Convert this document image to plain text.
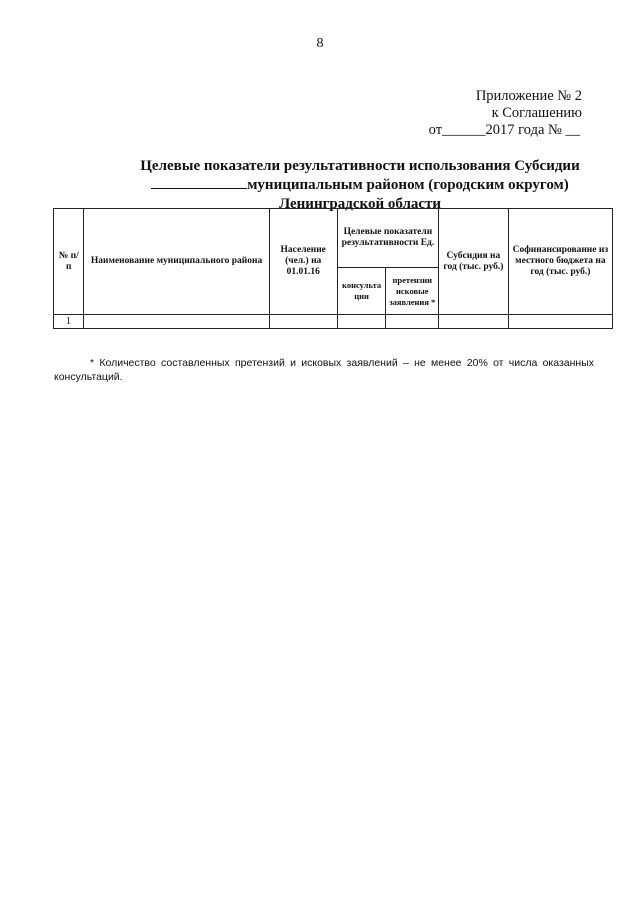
8
Приложение № 2
к Соглашению
от______2017 года № __
Целевые показатели результативности использования Субсидии
муниципальным районом (городским округом)
Ленинградской области
№ п/п	Наименование муниципального района	Население (чел.) на 01.01.16	Целевые показатели результативности Ед.		Субсидия на год (тыс. руб.)	Софинансирование из местного бюджета на год (тыс. руб.)
			консульта ции	претензии исковые заявления *		
1						
* Количество составленных претензий и исковых заявлений – не менее 20% от числа оказанных консультаций.
